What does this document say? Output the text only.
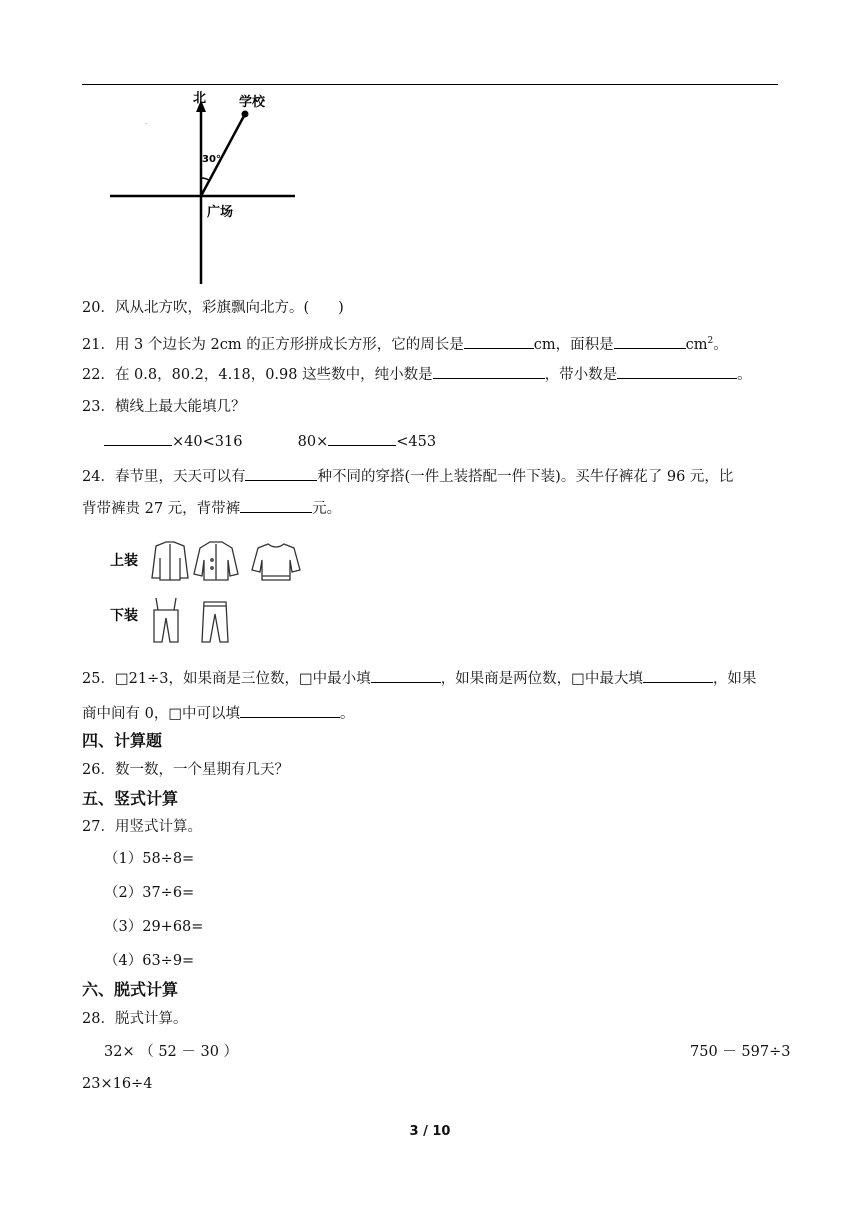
北	学校
30°
广场
·
20．风从北方吹，彩旗飘向北方。(　　)
21．用 3 个边长为 2cm 的正方形拼成长方形，它的周长是	cm，面积是	$cm^2$。
22．在 0.8，80.2，4.18，0.98 这些数中，纯小数是	，带小数是	。
23．横线上最大能填几？
×40<316	80×	<453
24．春节里，天天可以有	种不同的穿搭(一件上装搭配一件下装)。买牛仔裤花了 96 元，比
背带裤贵 27 元，背带裤	元。
上装
下装
25．□21÷3，如果商是三位数，□中最小填	，如果商是两位数，□中最大填	，如果
商中间有 0，□中可以填	。
四、计算题
26．数一数，一个星期有几天？
五、竖式计算
27．用竖式计算。
（1）58÷8=
（2）37÷6=
（3）29+68=
（4）63÷9=
六、脱式计算
28．脱式计算。
32× （ 52 － 30 ）	750 － 597÷3
23×16÷4
3 / 10
